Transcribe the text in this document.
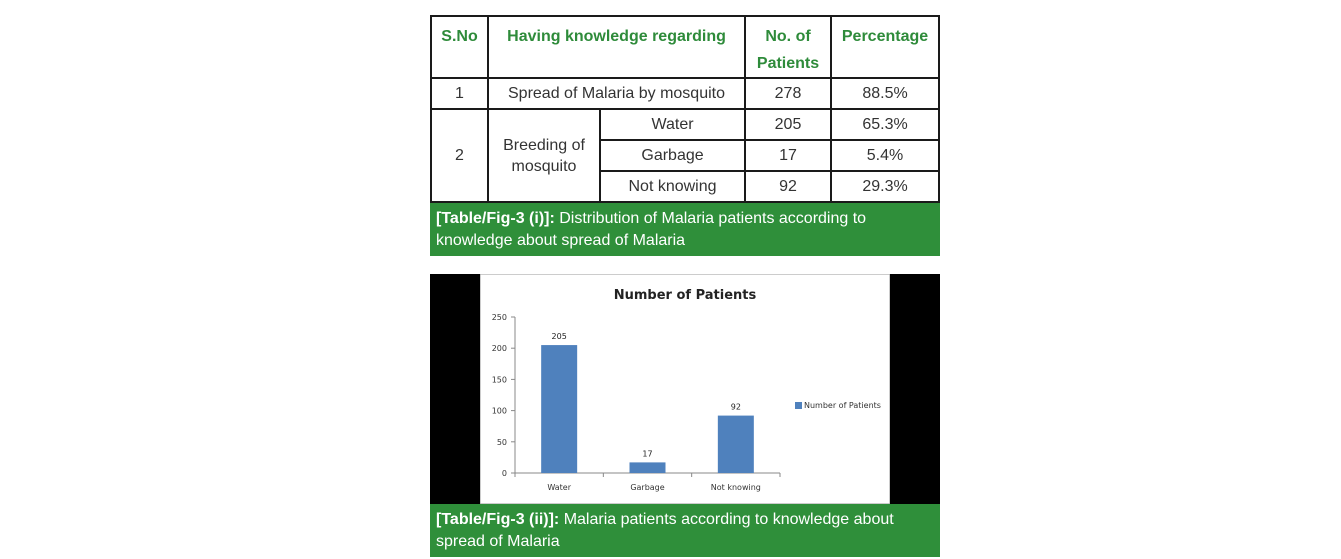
S.No	Having knowledge regarding		No. of Patients	Percentage
1	Spread of Malaria by mosquito		278	88.5%
2	Breeding of mosquito	Water	205	65.3%
		Garbage	17	5.4%
		Not knowing	92	29.3%
[Table/Fig-3 (i)]: Distribution of Malaria patients according to knowledge about spread of Malaria
Number of Patients
0
50
100
150
200
250
205
Water
17
Garbage
92
Not knowing
Number of Patients
[Table/Fig-3 (ii)]: Malaria patients according to knowledge about spread of Malaria
